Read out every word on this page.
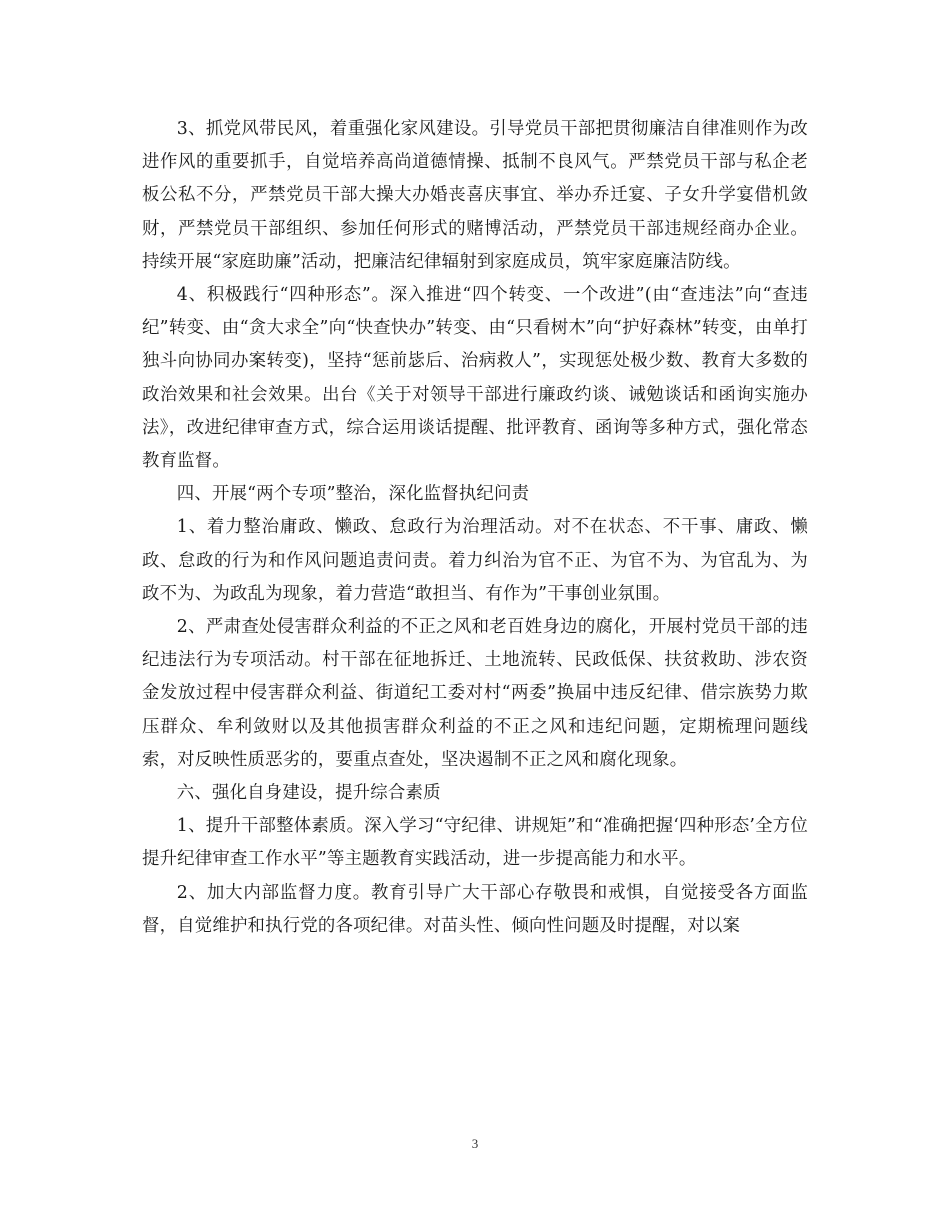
3、抓党风带民风，着重强化家风建设。引导党员干部把贯彻廉洁自律准则作为改进作风的重要抓手，自觉培养高尚道德情操、抵制不良风气。严禁党员干部与私企老板公私不分，严禁党员干部大操大办婚丧喜庆事宜、举办乔迁宴、子女升学宴借机敛财，严禁党员干部组织、参加任何形式的赌博活动，严禁党员干部违规经商办企业。持续开展“家庭助廉”活动，把廉洁纪律辐射到家庭成员，筑牢家庭廉洁防线。

4、积极践行“四种形态”。深入推进“四个转变、一个改进”(由“查违法”向“查违纪”转变、由“贪大求全”向“快查快办”转变、由“只看树木”向“护好森林”转变，由单打独斗向协同办案转变)，坚持“惩前毖后、治病救人”，实现惩处极少数、教育大多数的政治效果和社会效果。出台《关于对领导干部进行廉政约谈、诫勉谈话和函询实施办法》，改进纪律审查方式，综合运用谈话提醒、批评教育、函询等多种方式，强化常态教育监督。

四、开展“两个专项”整治，深化监督执纪问责

1、着力整治庸政、懒政、怠政行为治理活动。对不在状态、不干事、庸政、懒政、怠政的行为和作风问题追责问责。着力纠治为官不正、为官不为、为官乱为、为政不为、为政乱为现象，着力营造“敢担当、有作为”干事创业氛围。

2、严肃查处侵害群众利益的不正之风和老百姓身边的腐化，开展村党员干部的违纪违法行为专项活动。村干部在征地拆迁、土地流转、民政低保、扶贫救助、涉农资金发放过程中侵害群众利益、街道纪工委对村“两委”换届中违反纪律、借宗族势力欺压群众、牟利敛财以及其他损害群众利益的不正之风和违纪问题，定期梳理问题线索，对反映性质恶劣的，要重点查处，坚决遏制不正之风和腐化现象。

六、强化自身建设，提升综合素质

1、提升干部整体素质。深入学习“守纪律、讲规矩”和“准确把握‘四种形态’全方位提升纪律审查工作水平”等主题教育实践活动，进一步提高能力和水平。

2、加大内部监督力度。教育引导广大干部心存敬畏和戒惧，自觉接受各方面监督，自觉维护和执行党的各项纪律。对苗头性、倾向性问题及时提醒，对以案

3
